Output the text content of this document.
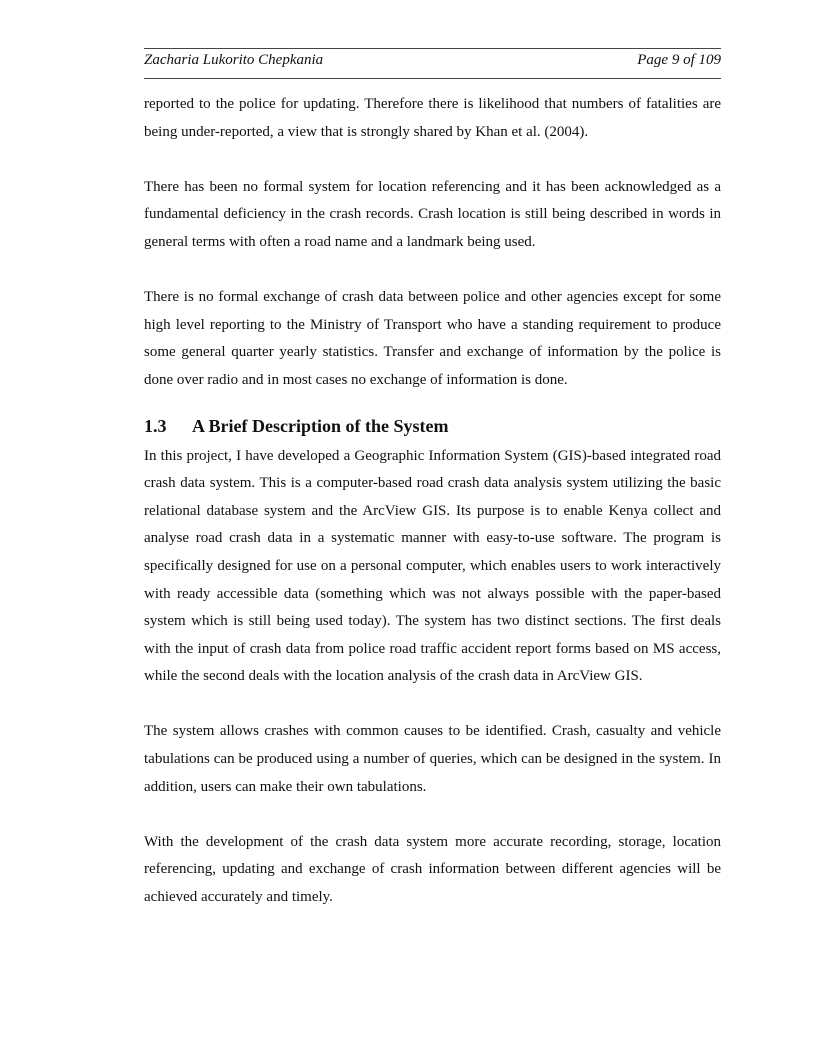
Zacharia Lukorito Chepkania	Page 9 of 109

reported to the police for updating. Therefore there is likelihood that numbers of fatalities are being under-reported, a view that is strongly shared by Khan et al. (2004).

There has been no formal system for location referencing and it has been acknowledged as a fundamental deficiency in the crash records. Crash location is still being described in words in general terms with often a road name and a landmark being used.

There is no formal exchange of crash data between police and other agencies except for some high level reporting to the Ministry of Transport who have a standing requirement to produce some general quarter yearly statistics. Transfer and exchange of information by the police is done over radio and in most cases no exchange of information is done.

1.3 A Brief Description of the System

In this project, I have developed a Geographic Information System (GIS)-based integrated road crash data system. This is a computer-based road crash data analysis system utilizing the basic relational database system and the ArcView GIS. Its purpose is to enable Kenya collect and analyse road crash data in a systematic manner with easy-to-use software. The program is specifically designed for use on a personal computer, which enables users to work interactively with ready accessible data (something which was not always possible with the paper-based system which is still being used today). The system has two distinct sections. The first deals with the input of crash data from police road traffic accident report forms based on MS access, while the second deals with the location analysis of the crash data in ArcView GIS.

The system allows crashes with common causes to be identified. Crash, casualty and vehicle tabulations can be produced using a number of queries, which can be designed in the system. In addition, users can make their own tabulations.

With the development of the crash data system more accurate recording, storage, location referencing, updating and exchange of crash information between different agencies will be achieved accurately and timely.
